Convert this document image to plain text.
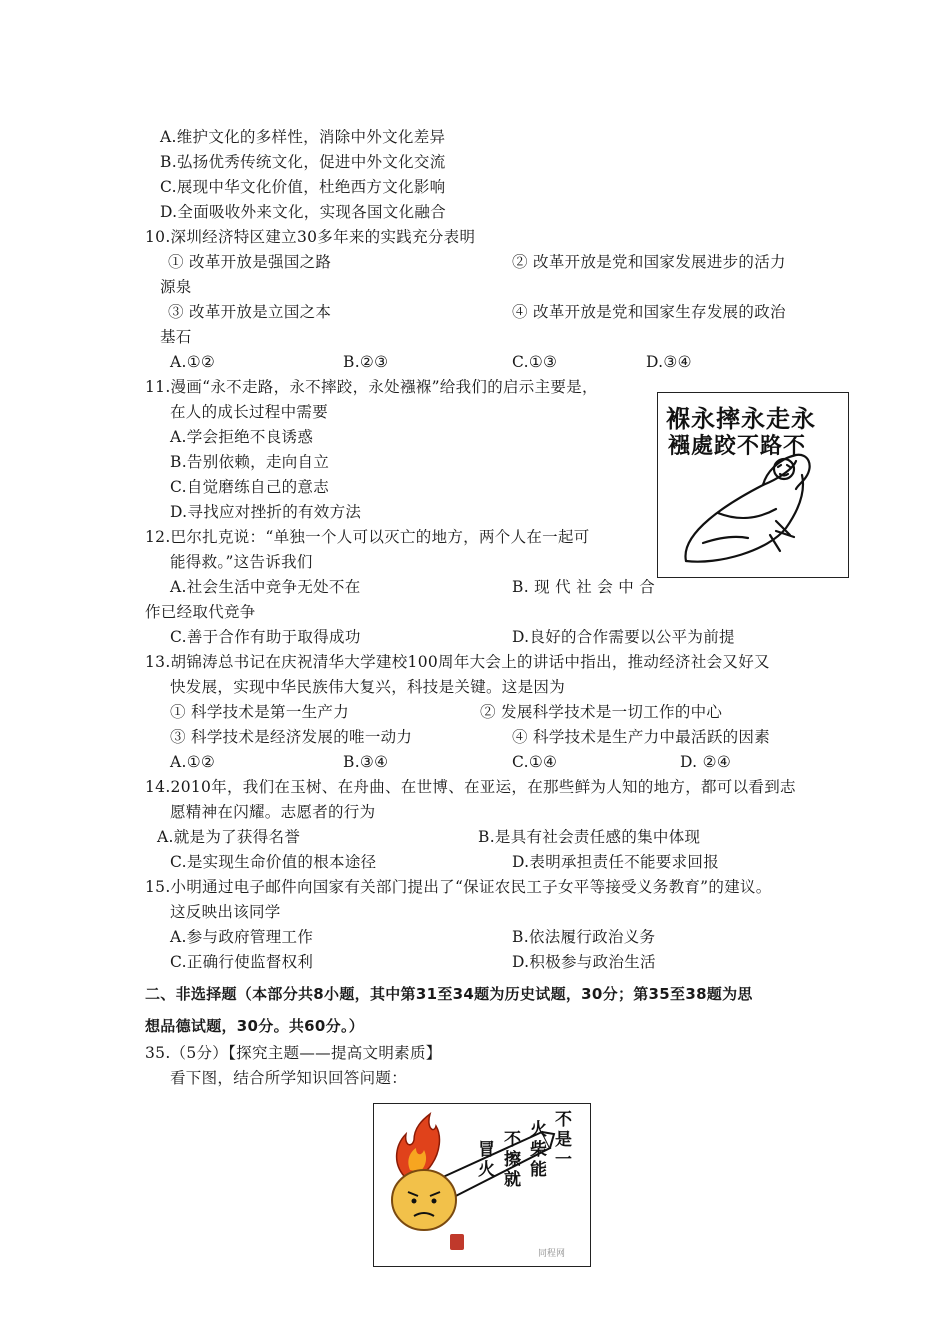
A.维护文化的多样性，消除中外文化差异
B.弘扬优秀传统文化，促进中外文化交流
C.展现中华文化价值，杜绝西方文化影响
D.全面吸收外来文化，实现各国文化融合
10.深圳经济特区建立30多年来的实践充分表明
① 改革开放是强国之路	② 改革开放是党和国家发展进步的活力
源泉
③ 改革开放是立国之本	④ 改革开放是党和国家生存发展的政治
基石
A.①②	B.②③	C.①③	D.③④
11.漫画“永不走路，永不摔跤，永处襁褓”给我们的启示主要是，
在人的成长过程中需要
A.学会拒绝不良诱惑
B.告别依赖，走向自立
C.自觉磨练自己的意志
D.寻找应对挫折的有效方法
褓永摔永走永
襁處跤不路不
12.巴尔扎克说：“单独一个人可以灭亡的地方，两个人在一起可
能得救。”这告诉我们
A.社会生活中竞争无处不在	B. 现 代 社 会 中 合
作已经取代竞争
C.善于合作有助于取得成功	D.良好的合作需要以公平为前提
13.胡锦涛总书记在庆祝清华大学建校100周年大会上的讲话中指出，推动经济社会又好又
快发展，实现中华民族伟大复兴，科技是关键。这是因为
① 科学技术是第一生产力	② 发展科学技术是一切工作的中心
③ 科学技术是经济发展的唯一动力	④ 科学技术是生产力中最活跃的因素
A.①②	B.③④	C.①④	D. ②④
14.2010年，我们在玉树、在舟曲、在世博、在亚运，在那些鲜为人知的地方，都可以看到志
愿精神在闪耀。志愿者的行为
A.就是为了获得名誉	B.是具有社会责任感的集中体现
C.是实现生命价值的根本途径	D.表明承担责任不能要求回报
15.小明通过电子邮件向国家有关部门提出了“保证农民工子女平等接受义务教育”的建议。
这反映出该同学
A.参与政府管理工作	B.依法履行政治义务
C.正确行使监督权利	D.积极参与政治生活
二、非选择题（本部分共8小题，其中第31至34题为历史试题，30分；第35至38题为思
想品德试题，30分。共60分。）
35.（5分）【探究主题——提高文明素质】
看下图，结合所学知识回答问题：
不是一
火柴能
不擦就
冒火
同程网
